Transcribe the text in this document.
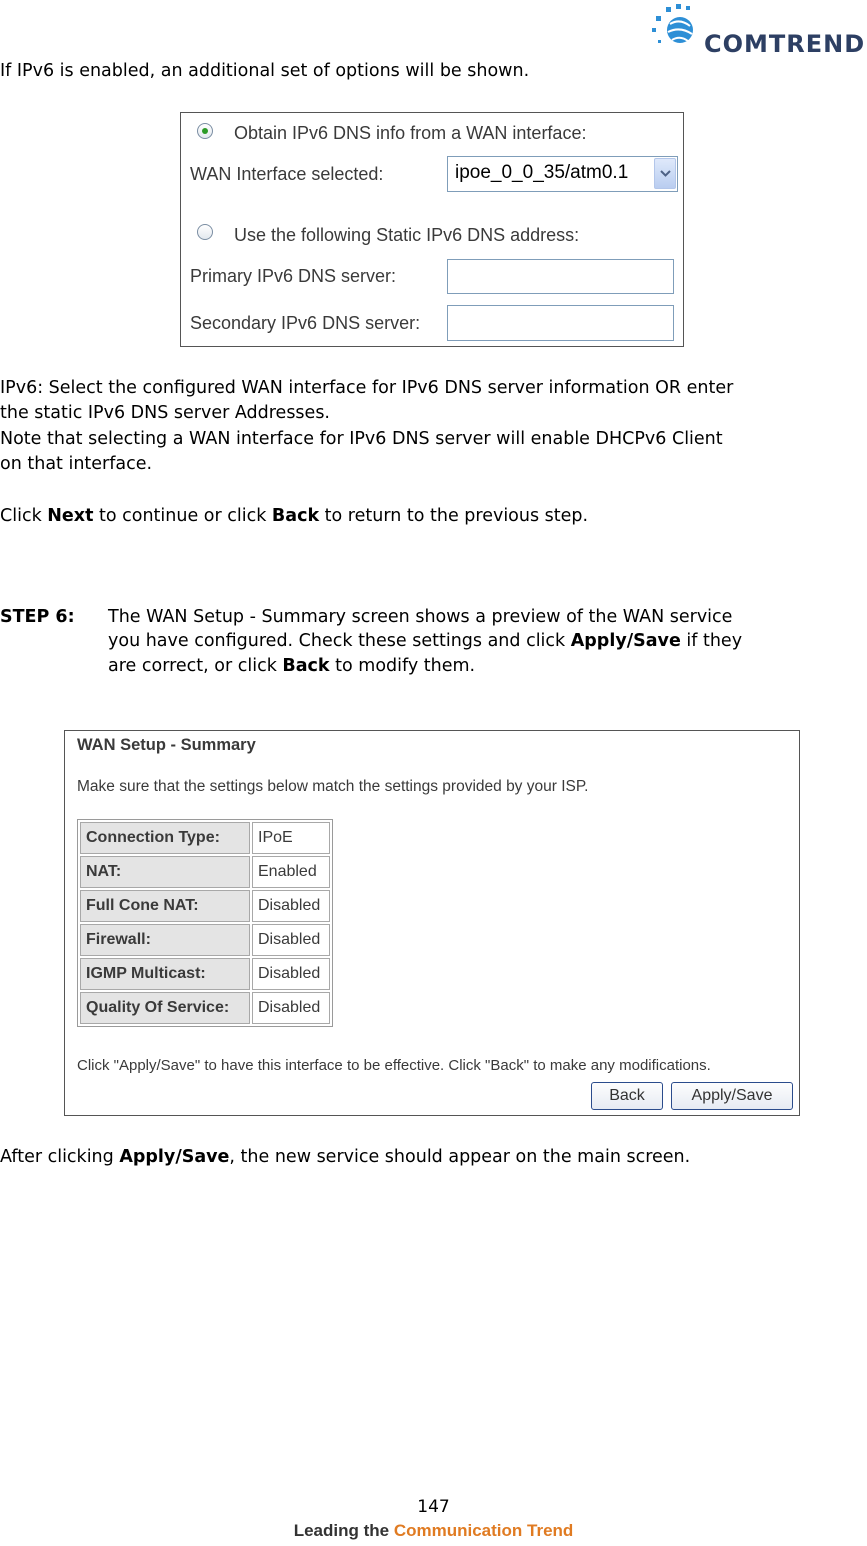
COMTREND
If IPv6 is enabled, an additional set of options will be shown.
Obtain IPv6 DNS info from a WAN interface:
WAN Interface selected:	ipoe_0_0_35/atm0.1
Use the following Static IPv6 DNS address:
Primary IPv6 DNS server:
Secondary IPv6 DNS server:
IPv6: Select the configured WAN interface for IPv6 DNS server information OR enter
the static IPv6 DNS server Addresses.
Note that selecting a WAN interface for IPv6 DNS server will enable DHCPv6 Client
on that interface.
Click Next to continue or click Back to return to the previous step.
STEP 6: The WAN Setup - Summary screen shows a preview of the WAN service
you have configured. Check these settings and click Apply/Save if they
are correct, or click Back to modify them.
WAN Setup - Summary
Make sure that the settings below match the settings provided by your ISP.
Connection Type:	IPoE
NAT:	Enabled
Full Cone NAT:	Disabled
Firewall:	Disabled
IGMP Multicast:	Disabled
Quality Of Service:	Disabled
Click "Apply/Save" to have this interface to be effective. Click "Back" to make any modifications.
Back	Apply/Save
After clicking Apply/Save, the new service should appear on the main screen.
147
Leading the Communication Trend
